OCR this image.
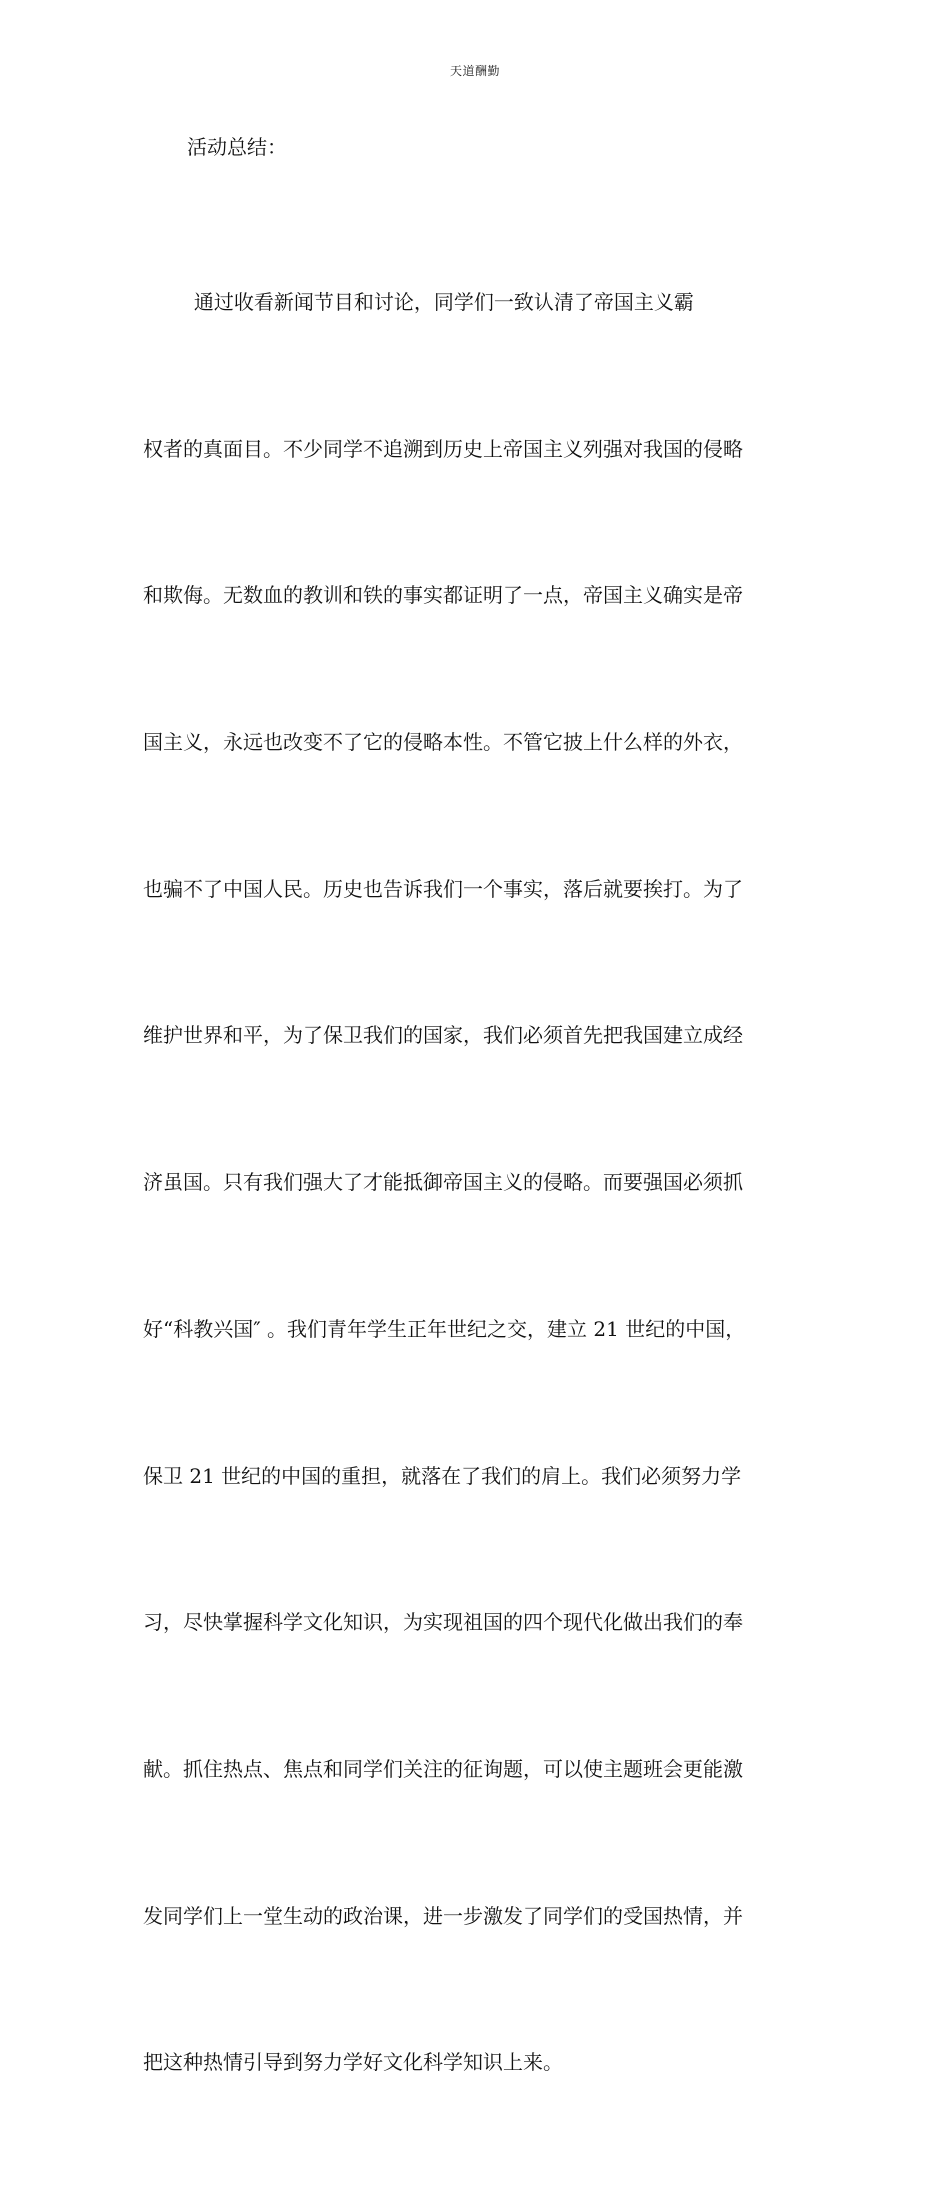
天道酬勤
活动总结：

通过收看新闻节目和讨论，同学们一致认清了帝国主义霸

权者的真面目。不少同学不追溯到历史上帝国主义列强对我国的侵略

和欺侮。无数血的教训和铁的事实都证明了一点，帝国主义确实是帝

国主义，永远也改变不了它的侵略本性。不管它披上什么样的外衣，

也骗不了中国人民。历史也告诉我们一个事实，落后就要挨打。为了

维护世界和平，为了保卫我们的国家，我们必须首先把我国建立成经

济虽国。只有我们强大了才能抵御帝国主义的侵略。而要强国必须抓

好“科教兴国″ 。我们青年学生正年世纪之交，建立 21 世纪的中国，

保卫 21 世纪的中国的重担，就落在了我们的肩上。我们必须努力学

习，尽快掌握科学文化知识，为实现祖国的四个现代化做出我们的奉

献。抓住热点、焦点和同学们关注的征询题，可以使主题班会更能激

发同学们上一堂生动的政治课，进一步激发了同学们的受国热情，并

把这种热情引导到努力学好文化科学知识上来。
